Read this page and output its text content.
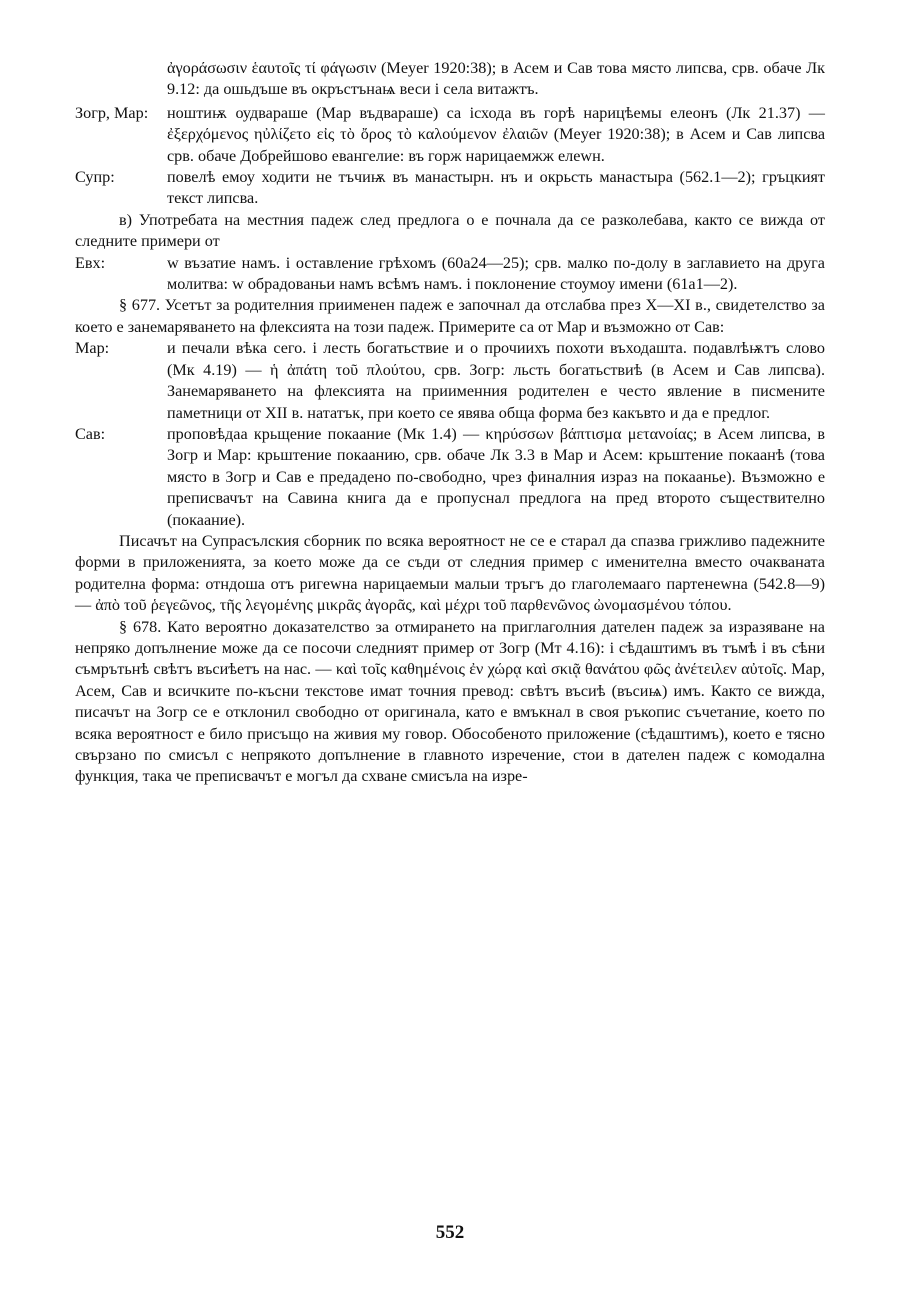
ἀγοράσωσιν ἑαυτοῖς τί φάγωσιν (Meyer 1920:38); в Асем и Сав това място липсва, срв. обаче Лк 9.12: да ошьдъше въ окръстънаѩ веси і села витажтъ.

Зогр, Мар:	ноштиѭ оудвараше (Мар въдвараше) са ісхода въ горѣ нарицѣемы елеонъ (Лк 21.37) — ἐξερχόμενος ηὐλίζετο εἰς τὸ ὄρος τὸ καλούμενον ἐλαιῶν (Meyer 1920:38); в Асем и Сав липсва срв. обаче Добрейшово евангелие: въ горж нарицаемжж елеwн.
Супр:	повелѣ емоу ходити не тъчиѭ въ манастырн. нъ и окрьсть манастыра (562.1—2); гръцкият текст липсва.

в) Употребата на местния падеж след предлога о е почнала да се разколебава, както се вижда от следните примери от

Евх:	w възатие намъ. і оставление грѣхомъ (60а24—25); срв. малко по-долу в заглавието на друга молитва: w обрадованьи намъ всѣмъ намъ. і поклонение стоумоу имени (61а1—2).

§ 677. Усетът за родителния приименен падеж е започнал да отслабва през X—XI в., свидетелство за което е занемаряването на флексията на този падеж. Примерите са от Мар и възможно от Сав:

Мар:	и печали вѣка сего. і лесть богатьствие и о прочиихъ похоти въходаштa. подавлѣѭтъ слово (Мк 4.19) — ἡ ἀπάτη τοῦ πλούτου, срв. Зогр: льсть богатьствиѣ (в Асем и Сав липсва). Занемаряването на флексията на приименния родителен е често явление в писмените паметници от XII в. нататък, при което се явява обща форма без какъвто и да е предлог.
Сав:	проповѣдаа крьщение покаание (Мк 1.4) — κηρύσσων βάπτισμα μετανοίας; в Асем липсва, в Зогр и Мар: крьштение покаанию, срв. обаче Лк 3.3 в Мар и Асем: крьштение покаанѣ (това място в Зогр и Сав е предадено по-свободно, чрез финалния израз на покаанье). Възможно е преписвачът на Савина книга да е пропуснал предлога на пред второто съществително (покаание).

Писачът на Супрасълския сборник по всяка вероятност не се е старал да спазва грижливо падежните форми в приложенията, за което може да се съди от следния пример с именителна вместо очакваната родителна форма: отндоша отъ ригеwна нарицаемыи малыи тръгъ до глаголемааго партенеwна (542.8—9) — ἀπὸ τοῦ ῥεγεῶνος, τῆς λεγομένης μικρᾶς ἀγορᾶς, καὶ μέχρι τοῦ παρθενῶνος ὠνομασμένου τόπου.

§ 678. Като вероятно доказателство за отмирането на приглаголния дателен падеж за изразяване на непряко допълнение може да се посочи следният пример от Зогр (Мт 4.16): і сѣдаштимъ въ тъмѣ і въ сѣни съмрътьнѣ свѣтъ въсиѣетъ на нас. — καὶ τοῖς καθημένοις ἐν χώρᾳ καὶ σκιᾷ θανάτου φῶς ἀνέτειλεν αὐτοῖς. Мар, Асем, Сав и всичките по-късни текстове имат точния превод: свѣтъ въсиѣ (въсиѩ) имъ. Както се вижда, писачът на Зогр се е отклонил свободно от оригинала, като е вмъкнал в своя ръкопис съчетание, което по всяка вероятност е било присъщо на живия му говор. Обособеното приложение (сѣдаштимъ), което е тясно свързано по смисъл с непрякото допълнение в главното изречение, стои в дателен падеж с комодална функция, така че преписвачът е могъл да схване смисъла на изре-

552
